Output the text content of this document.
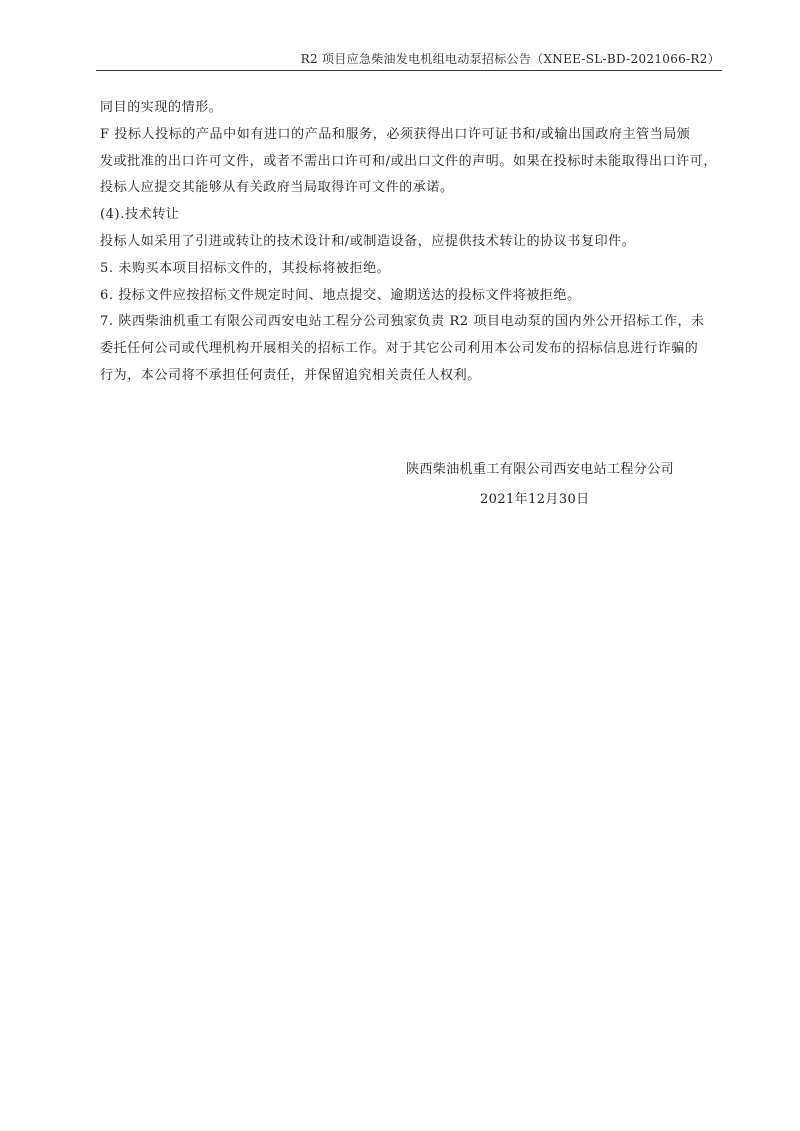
R2 项目应急柴油发电机组电动泵招标公告（XNEE-SL-BD-2021066-R2）
同目的实现的情形。
F 投标人投标的产品中如有进口的产品和服务，必须获得出口许可证书和/或输出国政府主管当局颁
发或批准的出口许可文件，或者不需出口许可和/或出口文件的声明。如果在投标时未能取得出口许可，
投标人应提交其能够从有关政府当局取得许可文件的承诺。
(4).技术转让
投标人如采用了引进或转让的技术设计和/或制造设备，应提供技术转让的协议书复印件。
5. 未购买本项目招标文件的，其投标将被拒绝。
6. 投标文件应按招标文件规定时间、地点提交、逾期送达的投标文件将被拒绝。
7. 陕西柴油机重工有限公司西安电站工程分公司独家负责 R2 项目电动泵的国内外公开招标工作，未
委托任何公司或代理机构开展相关的招标工作。对于其它公司利用本公司发布的招标信息进行诈骗的
行为，本公司将不承担任何责任，并保留追究相关责任人权利。
陕西柴油机重工有限公司西安电站工程分公司
2021年12月30日
